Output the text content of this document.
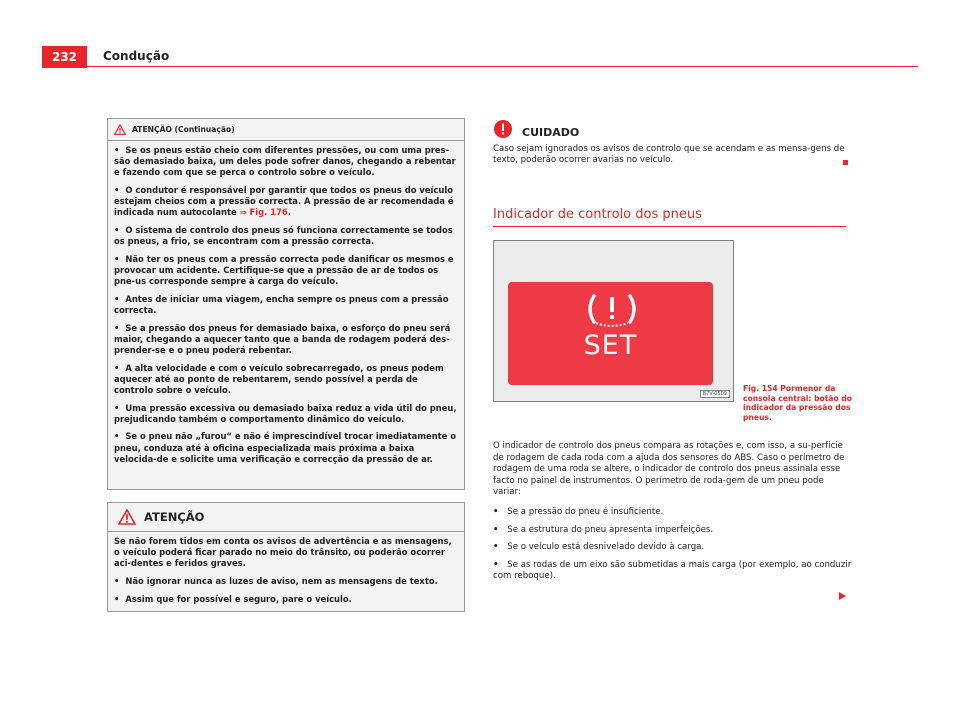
232	Condução
ATENÇÃO (Continuação)

• Se os pneus estão cheio com diferentes pressões, ou com uma pres-são demasiado baixa, um deles pode sofrer danos, chegando a rebentar e fazendo com que se perca o controlo sobre o veículo.

• O condutor é responsável por garantir que todos os pneus do veículo estejam cheios com a pressão correcta. A pressão de ar recomendada é indicada num autocolante ⇒ Fig. 176.

• O sistema de controlo dos pneus só funciona correctamente se todos os pneus, a frio, se encontram com a pressão correcta.

• Não ter os pneus com a pressão correcta pode danificar os mesmos e provocar um acidente. Certifique-se que a pressão de ar de todos os pne-us corresponde sempre à carga do veículo.

• Antes de iniciar uma viagem, encha sempre os pneus com a pressão correcta.

• Se a pressão dos pneus for demasiado baixa, o esforço do pneu será maior, chegando a aquecer tanto que a banda de rodagem poderá des-prender-se e o pneu poderá rebentar.

• A alta velocidade e com o veículo sobrecarregado, os pneus podem aquecer até ao ponto de rebentarem, sendo possível a perda de controlo sobre o veículo.

• Uma pressão excessiva ou demasiado baixa reduz a vida útil do pneu, prejudicando também o comportamento dinâmico do veículo.

• Se o pneu não „furou“ e não é imprescindível trocar imediatamente o pneu, conduza até à oficina especializada mais próxima a baixa velocida-de e solicite uma verificação e correcção da pressão de ar.

ATENÇÃO

Se não forem tidos em conta os avisos de advertência e as mensagens, o veículo poderá ficar parado no meio do trânsito, ou poderão ocorrer aci-dentes e feridos graves.

• Não ignorar nunca as luzes de aviso, nem as mensagens de texto.

• Assim que for possível e seguro, pare o veículo.

CUIDADO
Caso sejam ignorados os avisos de controlo que se acendam e as mensa-gens de texto, poderão ocorrer avarias no veículo.
Indicador de controlo dos pneus
SET
B7V-0509
Fig. 154 Pormenor da consola central: botão do indicador da pressão dos pneus.

O indicador de controlo dos pneus compara as rotações e, com isso, a su-perfície de rodagem de cada roda com a ajuda dos sensores do ABS. Caso o perímetro de rodagem de uma roda se altere, o indicador de controlo dos pneus assinala esse facto no painel de instrumentos. O perímetro de roda-gem de um pneu pode variar:

• Se a pressão do pneu é insuficiente.

• Se a estrutura do pneu apresenta imperfeições.

• Se o veículo está desnivelado devido à carga.

• Se as rodas de um eixo são submetidas a mais carga (por exemplo, ao conduzir com reboque).
